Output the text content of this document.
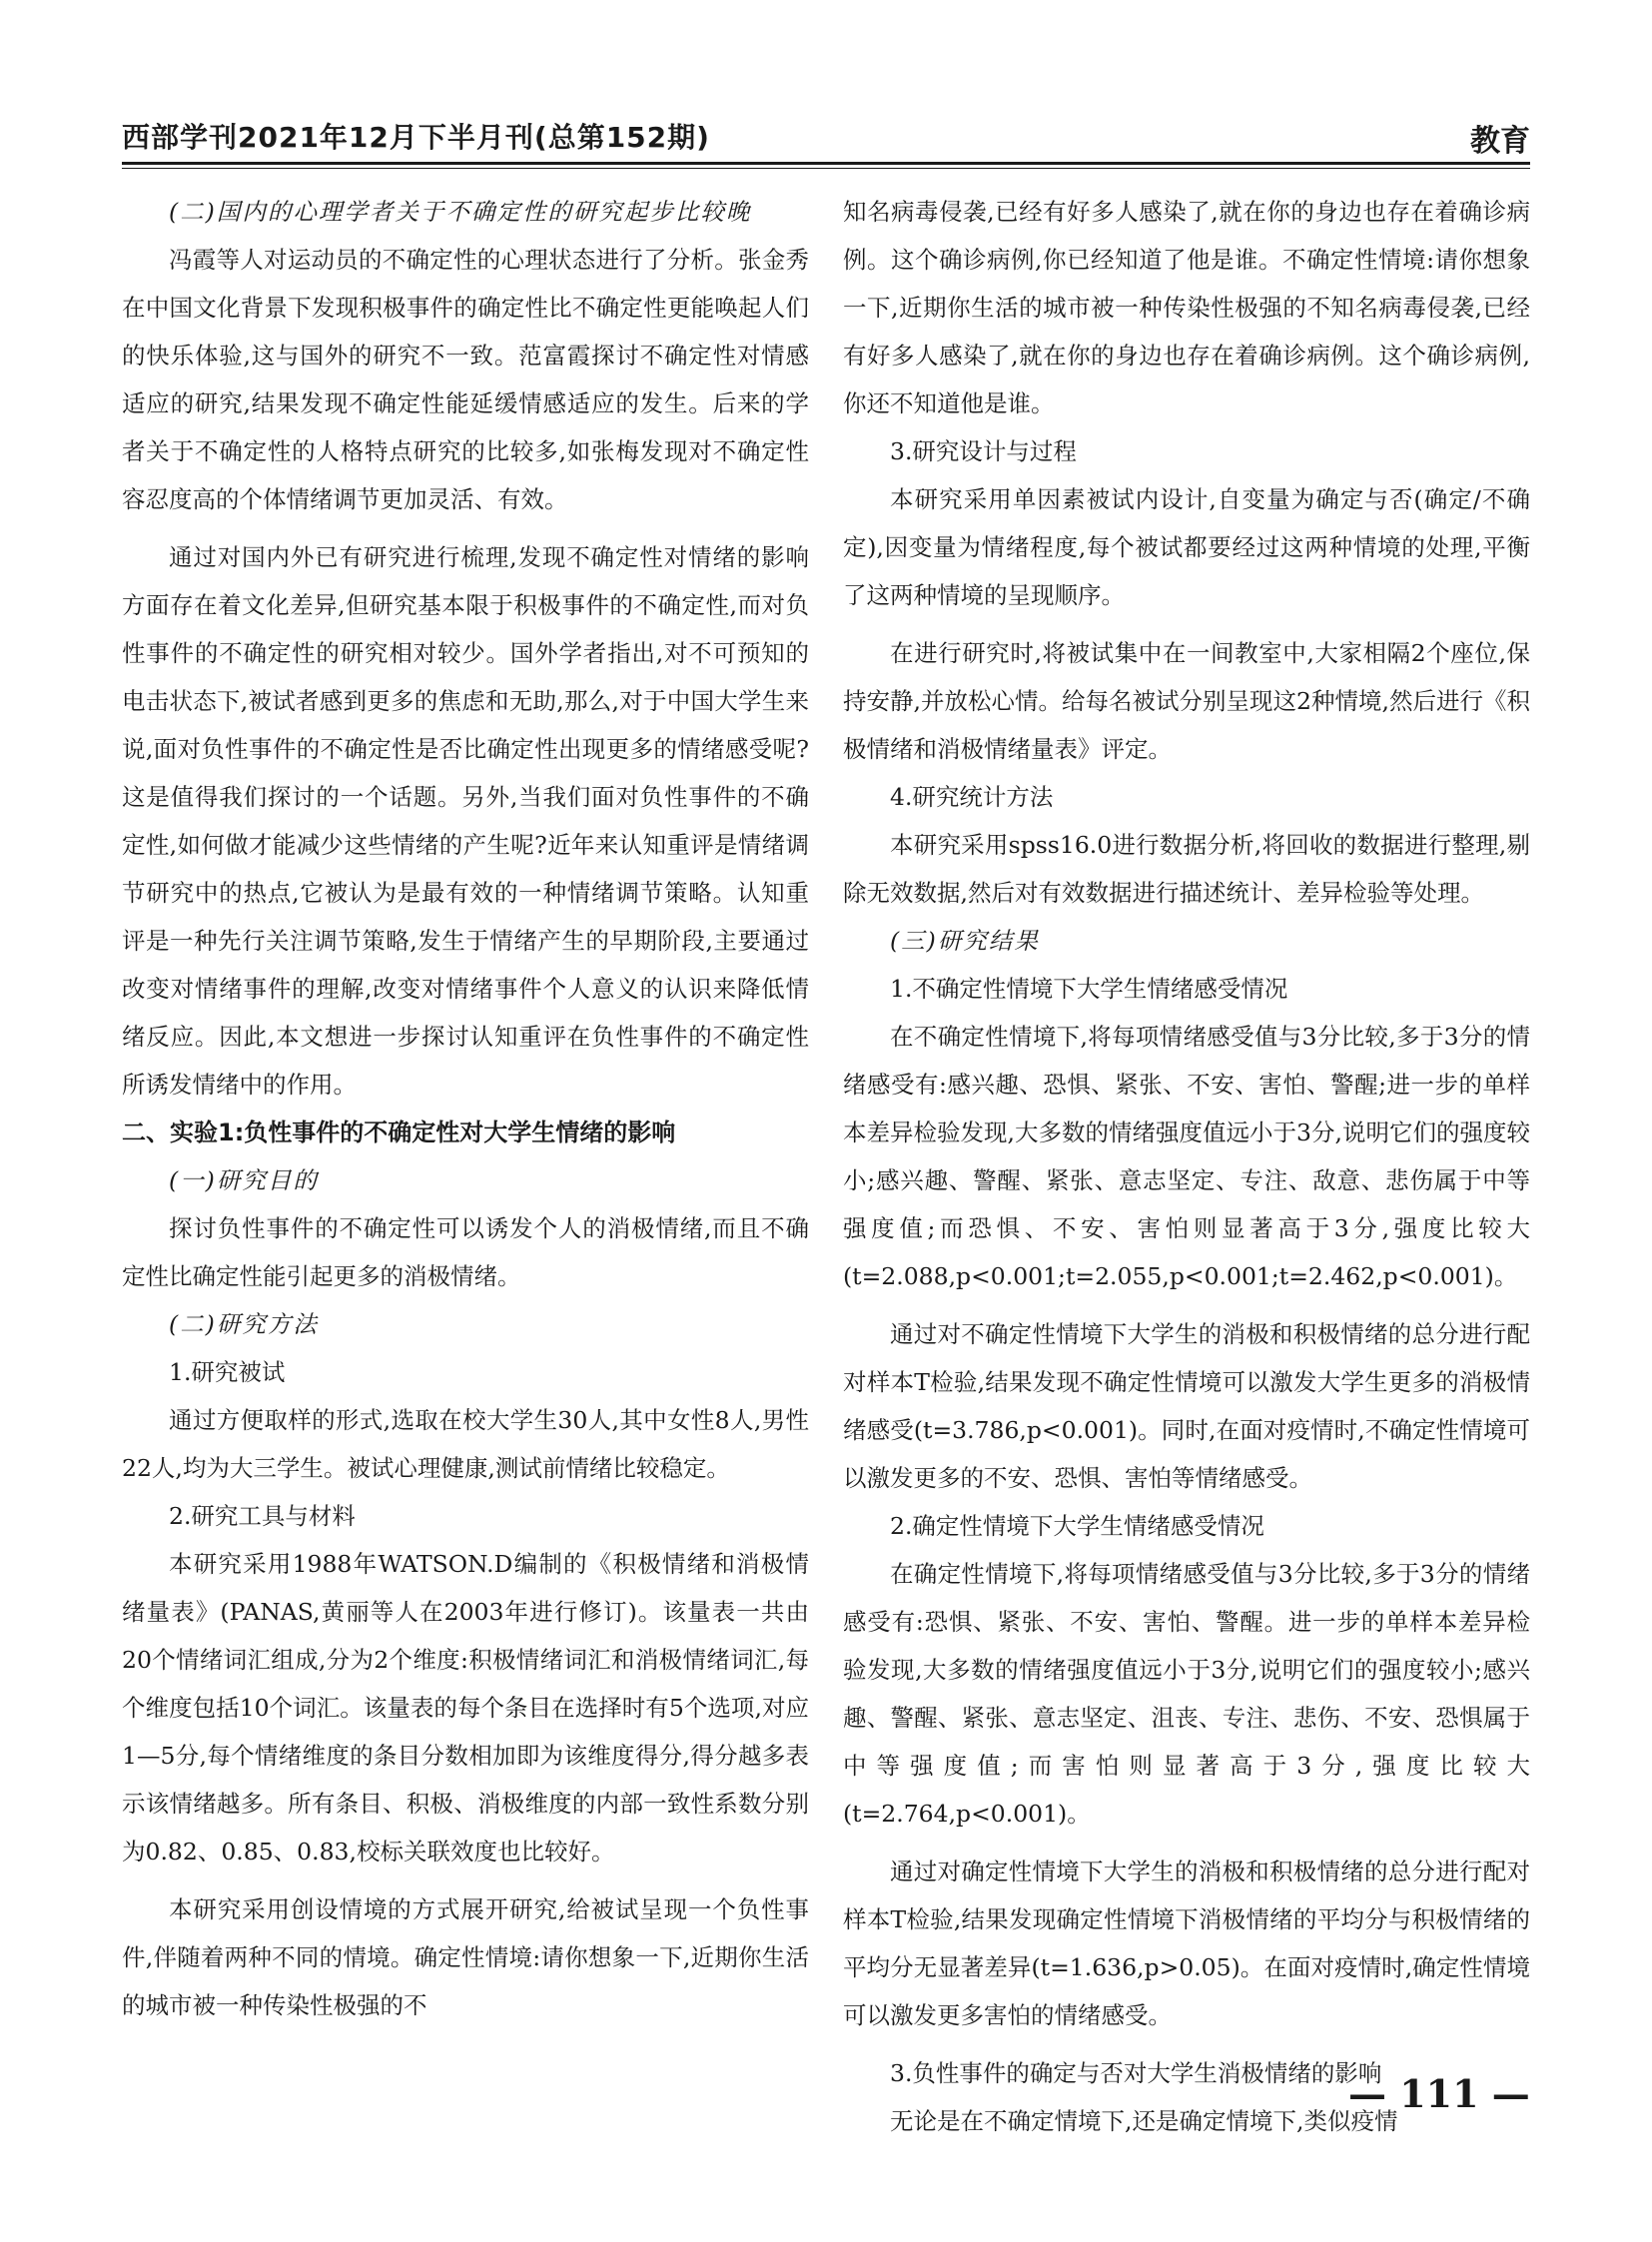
西部学刊2021年12月下半月刊(总第152期)	教育

(二)国内的心理学者关于不确定性的研究起步比较晚

冯霞等人对运动员的不确定性的心理状态进行了分析。张金秀在中国文化背景下发现积极事件的确定性比不确定性更能唤起人们的快乐体验,这与国外的研究不一致。范富霞探讨不确定性对情感适应的研究,结果发现不确定性能延缓情感适应的发生。后来的学者关于不确定性的人格特点研究的比较多,如张梅发现对不确定性容忍度高的个体情绪调节更加灵活、有效。

通过对国内外已有研究进行梳理,发现不确定性对情绪的影响方面存在着文化差异,但研究基本限于积极事件的不确定性,而对负性事件的不确定性的研究相对较少。国外学者指出,对不可预知的电击状态下,被试者感到更多的焦虑和无助,那么,对于中国大学生来说,面对负性事件的不确定性是否比确定性出现更多的情绪感受呢?这是值得我们探讨的一个话题。另外,当我们面对负性事件的不确定性,如何做才能减少这些情绪的产生呢?近年来认知重评是情绪调节研究中的热点,它被认为是最有效的一种情绪调节策略。认知重评是一种先行关注调节策略,发生于情绪产生的早期阶段,主要通过改变对情绪事件的理解,改变对情绪事件个人意义的认识来降低情绪反应。因此,本文想进一步探讨认知重评在负性事件的不确定性所诱发情绪中的作用。

二、实验1:负性事件的不确定性对大学生情绪的影响

(一)研究目的

探讨负性事件的不确定性可以诱发个人的消极情绪,而且不确定性比确定性能引起更多的消极情绪。

(二)研究方法

1.研究被试

通过方便取样的形式,选取在校大学生30人,其中女性8人,男性22人,均为大三学生。被试心理健康,测试前情绪比较稳定。

2.研究工具与材料

本研究采用1988年WATSON.D编制的《积极情绪和消极情绪量表》(PANAS,黄丽等人在2003年进行修订)。该量表一共由20个情绪词汇组成,分为2个维度:积极情绪词汇和消极情绪词汇,每个维度包括10个词汇。该量表的每个条目在选择时有5个选项,对应1—5分,每个情绪维度的条目分数相加即为该维度得分,得分越多表示该情绪越多。所有条目、积极、消极维度的内部一致性系数分别为0.82、0.85、0.83,校标关联效度也比较好。

本研究采用创设情境的方式展开研究,给被试呈现一个负性事件,伴随着两种不同的情境。确定性情境:请你想象一下,近期你生活的城市被一种传染性极强的不

知名病毒侵袭,已经有好多人感染了,就在你的身边也存在着确诊病例。这个确诊病例,你已经知道了他是谁。不确定性情境:请你想象一下,近期你生活的城市被一种传染性极强的不知名病毒侵袭,已经有好多人感染了,就在你的身边也存在着确诊病例。这个确诊病例,你还不知道他是谁。

3.研究设计与过程

本研究采用单因素被试内设计,自变量为确定与否(确定/不确定),因变量为情绪程度,每个被试都要经过这两种情境的处理,平衡了这两种情境的呈现顺序。

在进行研究时,将被试集中在一间教室中,大家相隔2个座位,保持安静,并放松心情。给每名被试分别呈现这2种情境,然后进行《积极情绪和消极情绪量表》评定。

4.研究统计方法

本研究采用spss16.0进行数据分析,将回收的数据进行整理,剔除无效数据,然后对有效数据进行描述统计、差异检验等处理。

(三)研究结果

1.不确定性情境下大学生情绪感受情况

在不确定性情境下,将每项情绪感受值与3分比较,多于3分的情绪感受有:感兴趣、恐惧、紧张、不安、害怕、警醒;进一步的单样本差异检验发现,大多数的情绪强度值远小于3分,说明它们的强度较小;感兴趣、警醒、紧张、意志坚定、专注、敌意、悲伤属于中等强度值;而恐惧、不安、害怕则显著高于3分,强度比较大(t=2.088,p<0.001;t=2.055,p<0.001;t=2.462,p<0.001)。

通过对不确定性情境下大学生的消极和积极情绪的总分进行配对样本T检验,结果发现不确定性情境可以激发大学生更多的消极情绪感受(t=3.786,p<0.001)。同时,在面对疫情时,不确定性情境可以激发更多的不安、恐惧、害怕等情绪感受。

2.确定性情境下大学生情绪感受情况

在确定性情境下,将每项情绪感受值与3分比较,多于3分的情绪感受有:恐惧、紧张、不安、害怕、警醒。进一步的单样本差异检验发现,大多数的情绪强度值远小于3分,说明它们的强度较小;感兴趣、警醒、紧张、意志坚定、沮丧、专注、悲伤、不安、恐惧属于中等强度值;而害怕则显著高于3分,强度比较大(t=2.764,p<0.001)。

通过对确定性情境下大学生的消极和积极情绪的总分进行配对样本T检验,结果发现确定性情境下消极情绪的平均分与积极情绪的平均分无显著差异(t=1.636,p>0.05)。在面对疫情时,确定性情境可以激发更多害怕的情绪感受。

3.负性事件的确定与否对大学生消极情绪的影响

无论是在不确定情境下,还是确定情境下,类似疫情

— 111 —
